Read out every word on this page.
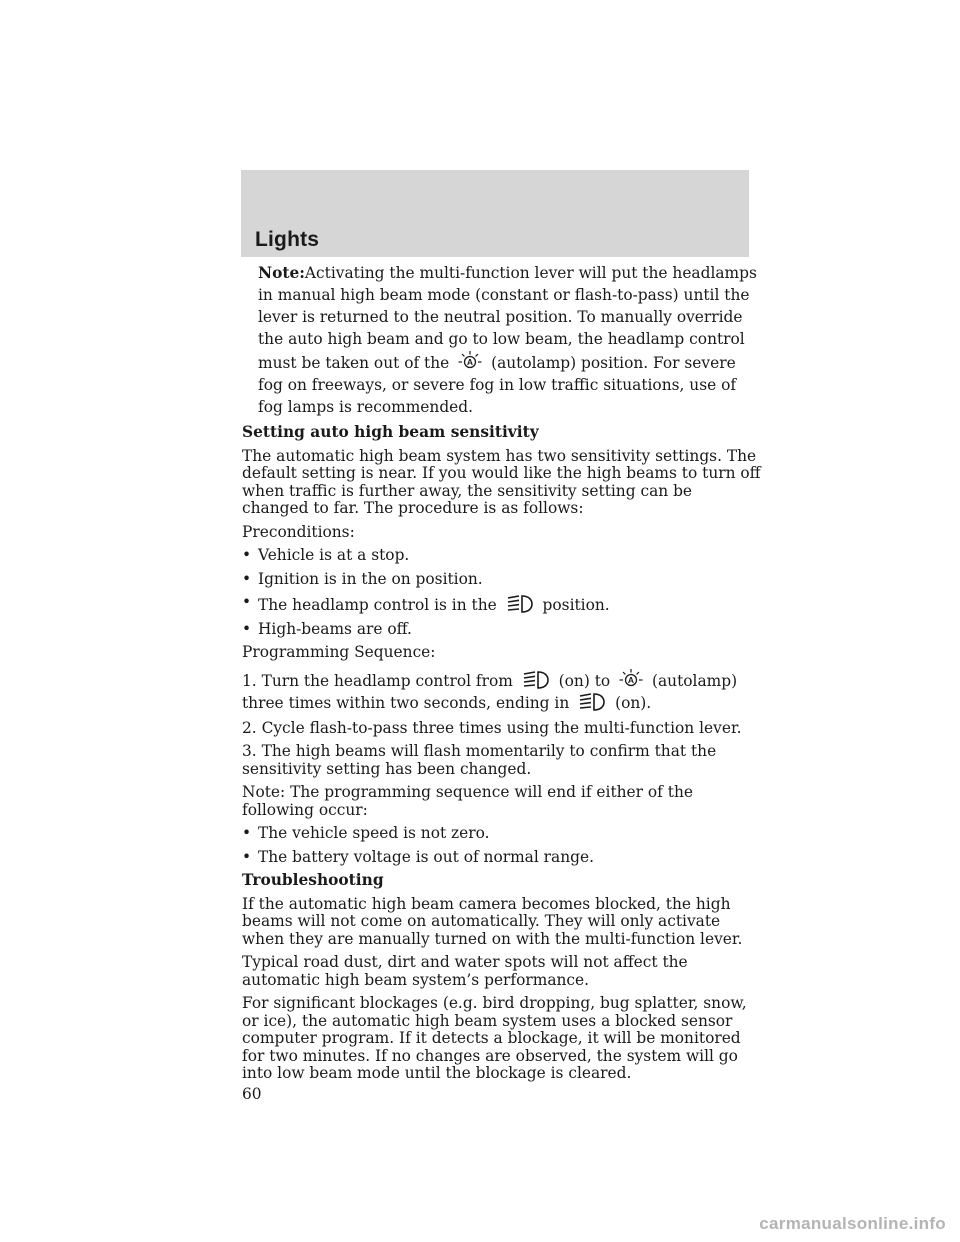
Lights

Note:Activating the multi-function lever will put the headlamps in manual high beam mode (constant or flash-to-pass) until the lever is returned to the neutral position. To manually override the auto high beam and go to low beam, the headlamp control must be taken out of the A (autolamp) position. For severe fog on freeways, or severe fog in low traffic situations, use of fog lamps is recommended.

Setting auto high beam sensitivity

The automatic high beam system has two sensitivity settings. The default setting is near. If you would like the high beams to turn off when traffic is further away, the sensitivity setting can be changed to far. The procedure is as follows:

Preconditions:

• Vehicle is at a stop.
• Ignition is in the on position.
• The headlamp control is in the	position.
• High-beams are off.

Programming Sequence:

1. Turn the headlamp control from	(on) to A (autolamp) three times within two seconds, ending in	(on).

2. Cycle flash-to-pass three times using the multi-function lever.

3. The high beams will flash momentarily to confirm that the sensitivity setting has been changed.

Note: The programming sequence will end if either of the following occur:

• The vehicle speed is not zero.
• The battery voltage is out of normal range.

Troubleshooting

If the automatic high beam camera becomes blocked, the high beams will not come on automatically. They will only activate when they are manually turned on with the multi-function lever.

Typical road dust, dirt and water spots will not affect the automatic high beam system’s performance.

For significant blockages (e.g. bird dropping, bug splatter, snow, or ice), the automatic high beam system uses a blocked sensor computer program. If it detects a blockage, it will be monitored for two minutes. If no changes are observed, the system will go into low beam mode until the blockage is cleared.

60
carmanualsonline.info
